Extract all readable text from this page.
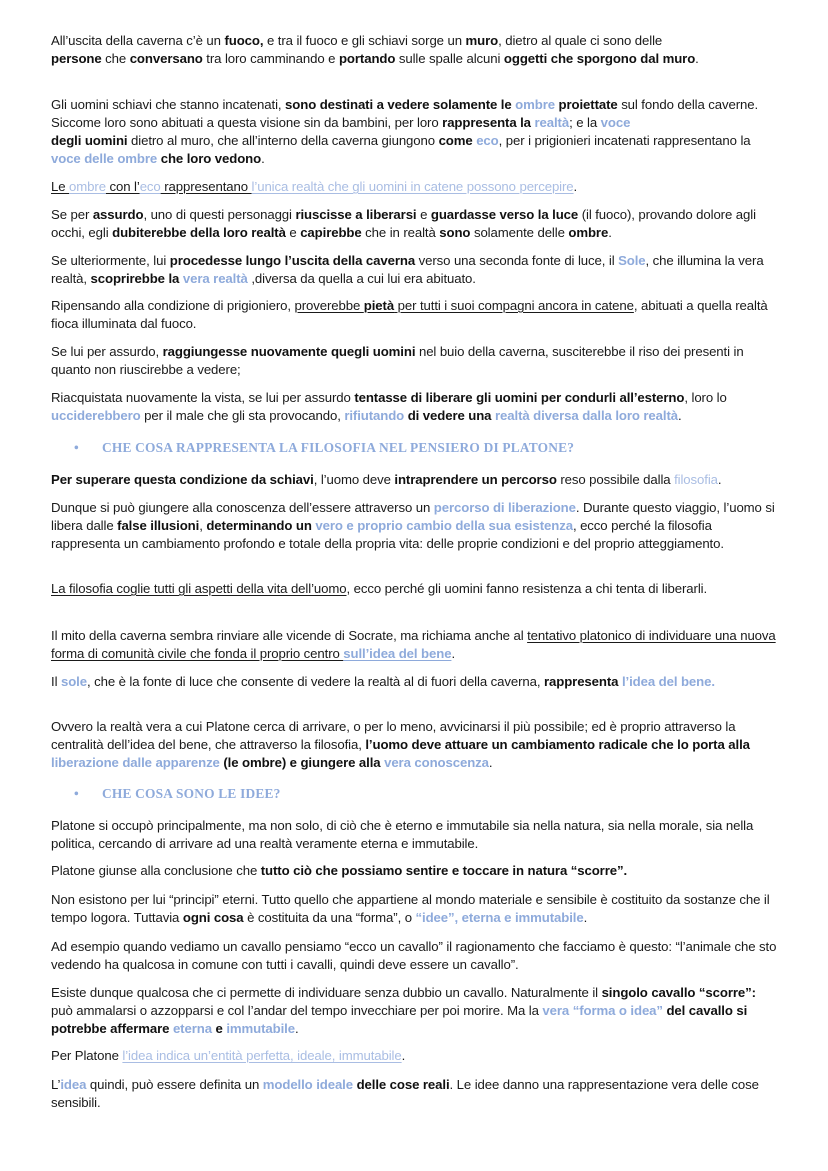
All’uscita della caverna c’è un fuoco, e tra il fuoco e gli schiavi sorge un muro, dietro al quale ci sono delle
persone che conversano tra loro camminando e portando sulle spalle alcuni oggetti che sporgono dal muro.

Gli uomini schiavi che stanno incatenati, sono destinati a vedere solamente le ombre proiettate sul fondo della caverne. Siccome loro sono abituati a questa visione sin da bambini, per loro rappresenta la realtà; e la voce
degli uomini dietro al muro, che all’interno della caverna giungono come eco, per i prigionieri incatenati rappresentano la voce delle ombre che loro vedono.

Le ombre con l’eco rappresentano l’unica realtà che gli uomini in catene possono percepire.

Se per assurdo, uno di questi personaggi riuscisse a liberarsi e guardasse verso la luce (il fuoco), provando dolore agli occhi, egli dubiterebbe della loro realtà e capirebbe che in realtà sono solamente delle ombre.

Se ulteriormente, lui procedesse lungo l’uscita della caverna verso una seconda fonte di luce, il Sole, che illumina la vera realtà, scoprirebbe la vera realtà ,diversa da quella a cui lui era abituato.

Ripensando alla condizione di prigioniero, proverebbe pietà per tutti i suoi compagni ancora in catene, abituati a quella realtà fioca illuminata dal fuoco.

Se lui per assurdo, raggiungesse nuovamente quegli uomini nel buio della caverna, susciterebbe il riso dei presenti in quanto non riuscirebbe a vedere;

Riacquistata nuovamente la vista, se lui per assurdo tentasse di liberare gli uomini per condurli all’esterno, loro lo
ucciderebbero per il male che gli sta provocando, rifiutando di vedere una realtà diversa dalla loro realtà.

• CHE COSA RAPPRESENTA LA FILOSOFIA NEL PENSIERO DI PLATONE?

Per superare questa condizione da schiavi, l’uomo deve intraprendere un percorso reso possibile dalla filosofia.

Dunque si può giungere alla conoscenza dell’essere attraverso un percorso di liberazione. Durante questo viaggio, l’uomo si libera dalle false illusioni, determinando un vero e proprio cambio della sua esistenza, ecco perché la filosofia rappresenta un cambiamento profondo e totale della propria vita: delle proprie condizioni e del proprio atteggiamento.

La filosofia coglie tutti gli aspetti della vita dell’uomo, ecco perché gli uomini fanno resistenza a chi tenta di liberarli.

Il mito della caverna sembra rinviare alle vicende di Socrate, ma richiama anche al tentativo platonico di individuare una nuova forma di comunità civile che fonda il proprio centro sull’idea del bene.

Il sole, che è la fonte di luce che consente di vedere la realtà al di fuori della caverna, rappresenta l’idea del bene.

Ovvero la realtà vera a cui Platone cerca di arrivare, o per lo meno, avvicinarsi il più possibile; ed è proprio attraverso la centralità dell’idea del bene, che attraverso la filosofia, l’uomo deve attuare un cambiamento radicale che lo porta alla liberazione dalle apparenze (le ombre) e giungere alla vera conoscenza.

• CHE COSA SONO LE IDEE?

Platone si occupò principalmente, ma non solo, di ciò che è eterno e immutabile sia nella natura, sia nella morale, sia nella politica, cercando di arrivare ad una realtà veramente eterna e immutabile.

Platone giunse alla conclusione che tutto ciò che possiamo sentire e toccare in natura “scorre”.

Non esistono per lui “principi” eterni. Tutto quello che appartiene al mondo materiale e sensibile è costituito da sostanze che il tempo logora. Tuttavia ogni cosa è costituita da una “forma”, o “idee”, eterna e immutabile.

Ad esempio quando vediamo un cavallo pensiamo “ecco un cavallo” il ragionamento che facciamo è questo: “l’animale che sto vedendo ha qualcosa in comune con tutti i cavalli, quindi deve essere un cavallo”.

Esiste dunque qualcosa che ci permette di individuare senza dubbio un cavallo. Naturalmente il singolo cavallo “scorre”: può ammalarsi o azzopparsi e col l’andar del tempo invecchiare per poi morire. Ma la vera “forma o idea” del cavallo si potrebbe affermare eterna e immutabile.

Per Platone l’idea indica un’entità perfetta, ideale, immutabile.

L’idea quindi, può essere definita un modello ideale delle cose reali. Le idee danno una rappresentazione vera delle cose sensibili.
